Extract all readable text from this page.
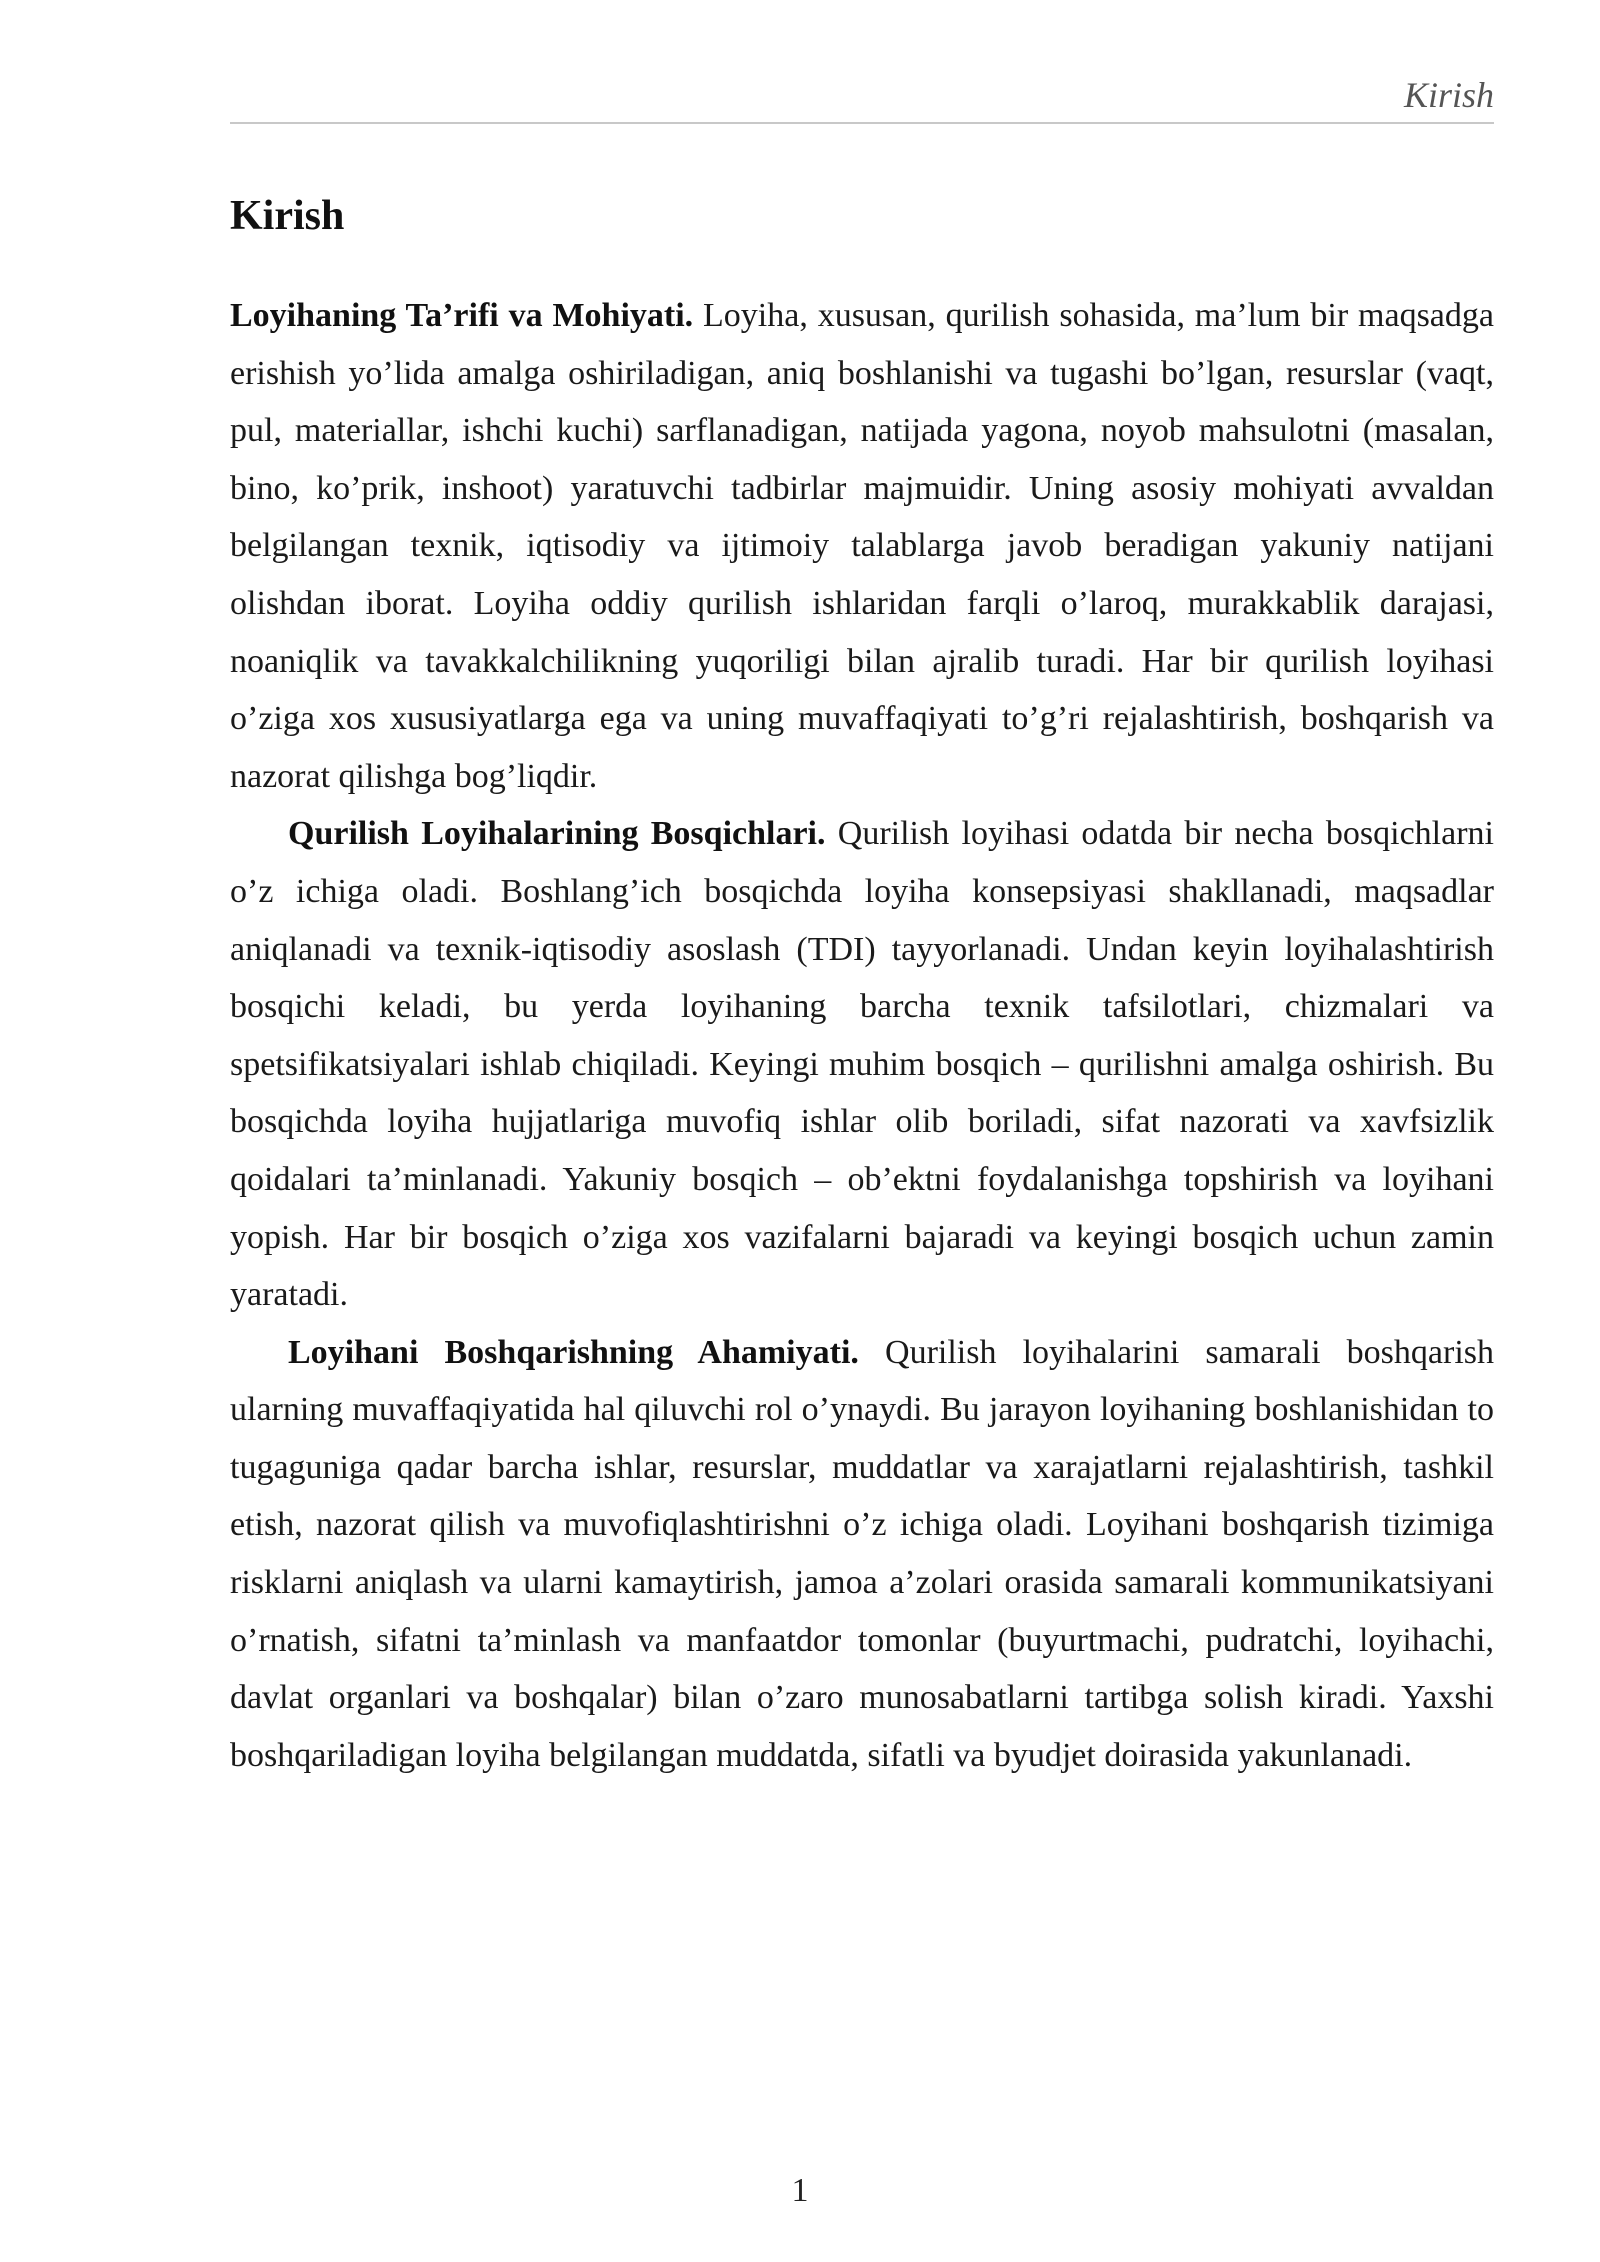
Kirish
Kirish

Loyihaning Ta’rifi va Mohiyati. Loyiha, xususan, qurilish sohasida, ma’lum bir maqsadga erishish yo’lida amalga oshiriladigan, aniq boshlanishi va tugashi bo’lgan, resurslar (vaqt, pul, materiallar, ishchi kuchi) sarflanadigan, natijada yagona, noyob mahsulotni (masalan, bino, ko’prik, inshoot) yaratuvchi tadbirlar majmuidir. Uning asosiy mohiyati avvaldan belgilangan texnik, iqtisodiy va ijtimoiy talablarga javob beradigan yakuniy natijani olishdan iborat. Loyiha oddiy qurilish ishlaridan farqli o’laroq, murakkablik darajasi, noaniqlik va tavakkalchilikning yuqoriligi bilan ajralib turadi. Har bir qurilish loyihasi o’ziga xos xususiyatlarga ega va uning muvaffaqiyati to’g’ri rejalashtirish, boshqarish va nazorat qilishga bog’liqdir.

Qurilish Loyihalarining Bosqichlari. Qurilish loyihasi odatda bir necha bosqichlarni o’z ichiga oladi. Boshlang’ich bosqichda loyiha konsepsiyasi shakllanadi, maqsadlar aniqlanadi va texnik-iqtisodiy asoslash (TDI) tayyorlanadi. Undan keyin loyihalashtirish bosqichi keladi, bu yerda loyihaning barcha texnik tafsilotlari, chizmalari va spetsifikatsiyalari ishlab chiqiladi. Keyingi muhim bosqich – qurilishni amalga oshirish. Bu bosqichda loyiha hujjatlariga muvofiq ishlar olib boriladi, sifat nazorati va xavfsizlik qoidalari ta’minlanadi. Yakuniy bosqich – ob’ektni foydalanishga topshirish va loyihani yopish. Har bir bosqich o’ziga xos vazifalarni bajaradi va keyingi bosqich uchun zamin yaratadi.

Loyihani Boshqarishning Ahamiyati. Qurilish loyihalarini samarali boshqarish ularning muvaffaqiyatida hal qiluvchi rol o’ynaydi. Bu jarayon loyihaning boshlanishidan to tugaguniga qadar barcha ishlar, resurslar, muddatlar va xarajatlarni rejalashtirish, tashkil etish, nazorat qilish va muvofiqlashtirishni o’z ichiga oladi. Loyihani boshqarish tizimiga risklarni aniqlash va ularni kamaytirish, jamoa a’zolari orasida samarali kommunikatsiyani o’rnatish, sifatni ta’minlash va manfaatdor tomonlar (buyurtmachi, pudratchi, loyihachi, davlat organlari va boshqalar) bilan o’zaro munosabatlarni tartibga solish kiradi. Yaxshi boshqariladigan loyiha belgilangan muddatda, sifatli va byudjet doirasida yakunlanadi.

1
